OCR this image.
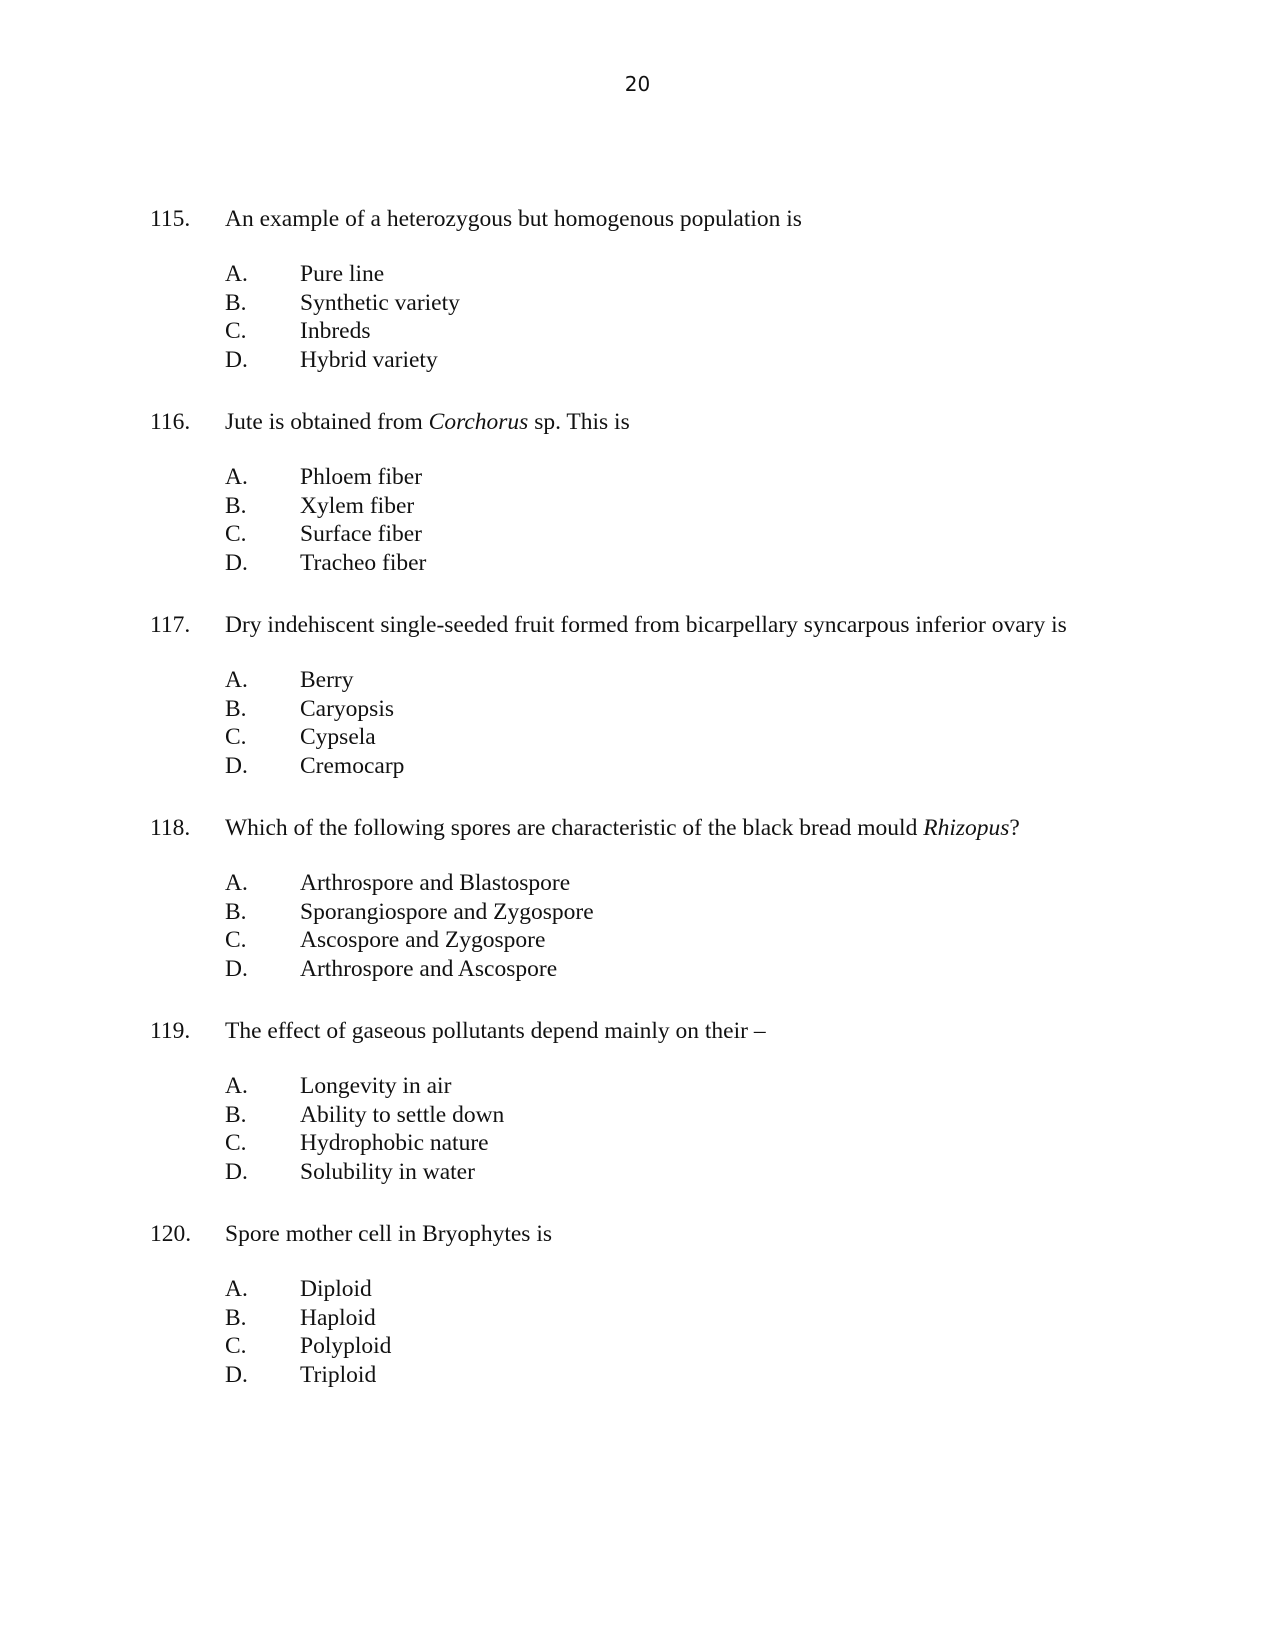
20
115.	An example of a heterozygous but homogenous population is
A.	Pure line
B.	Synthetic variety
C.	Inbreds
D.	Hybrid variety
116.	Jute is obtained from Corchorus sp. This is
A.	Phloem fiber
B.	Xylem fiber
C.	Surface fiber
D.	Tracheo fiber
117.	Dry indehiscent single-seeded fruit formed from bicarpellary syncarpous inferior ovary is
A.	Berry
B.	Caryopsis
C.	Cypsela
D.	Cremocarp
118.	Which of the following spores are characteristic of the black bread mould Rhizopus?
A.	Arthrospore and Blastospore
B.	Sporangiospore and Zygospore
C.	Ascospore and Zygospore
D.	Arthrospore and Ascospore
119.	The effect of gaseous pollutants depend mainly on their –
A.	Longevity in air
B.	Ability to settle down
C.	Hydrophobic nature
D.	Solubility in water
120.	Spore mother cell in Bryophytes is
A.	Diploid
B.	Haploid
C.	Polyploid
D.	Triploid
